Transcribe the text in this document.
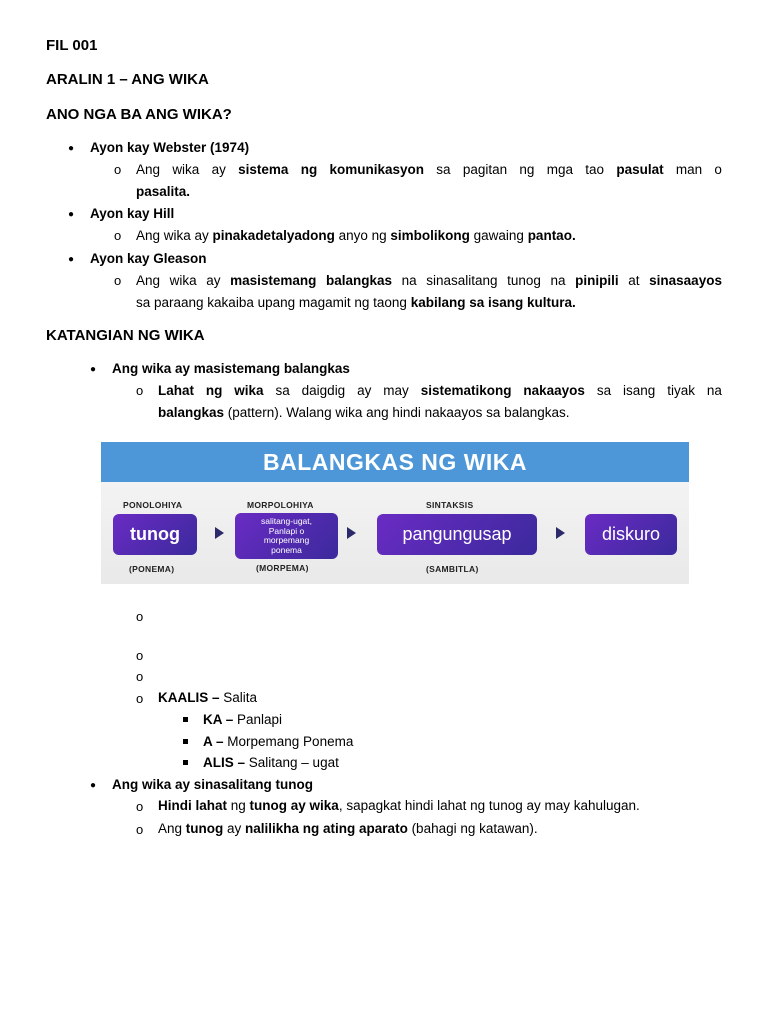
FIL 001
ARALIN 1 – ANG WIKA
ANO NGA BA ANG WIKA?
● Ayon kay Webster (1974)
o Ang wika ay sistema ng komunikasyon sa pagitan ng mga tao pasulat man o
pasalita.
● Ayon kay Hill
o Ang wika ay pinakadetalyadong anyo ng simbolikong gawaing pantao.
● Ayon kay Gleason
o Ang wika ay masistemang balangkas na sinasalitang tunog na pinipili at sinasaayos
sa paraang kakaiba upang magamit ng taong kabilang sa isang kultura.
KATANGIAN NG WIKA
● Ang wika ay masistemang balangkas
o Lahat ng wika sa daigdig ay may sistematikong nakaayos sa isang tiyak na
balangkas (pattern). Walang wika ang hindi nakaayos sa balangkas.
BALANGKAS NG WIKA
PONOLOHIYA	MORPOLOHIYA	SINTAKSIS
tunog
salitang-ugat,
Panlapi o
morpemang
ponema
pangungusap	diskuro
(PONEMA)	(MORPEMA)	(SAMBITLA)
o
o
o
o KAALIS – Salita
KA – Panlapi
A – Morpemang Ponema
ALIS – Salitang – ugat
● Ang wika ay sinasalitang tunog
o Hindi lahat ng tunog ay wika, sapagkat hindi lahat ng tunog ay may kahulugan.
o Ang tunog ay nalilikha ng ating aparato (bahagi ng katawan).
